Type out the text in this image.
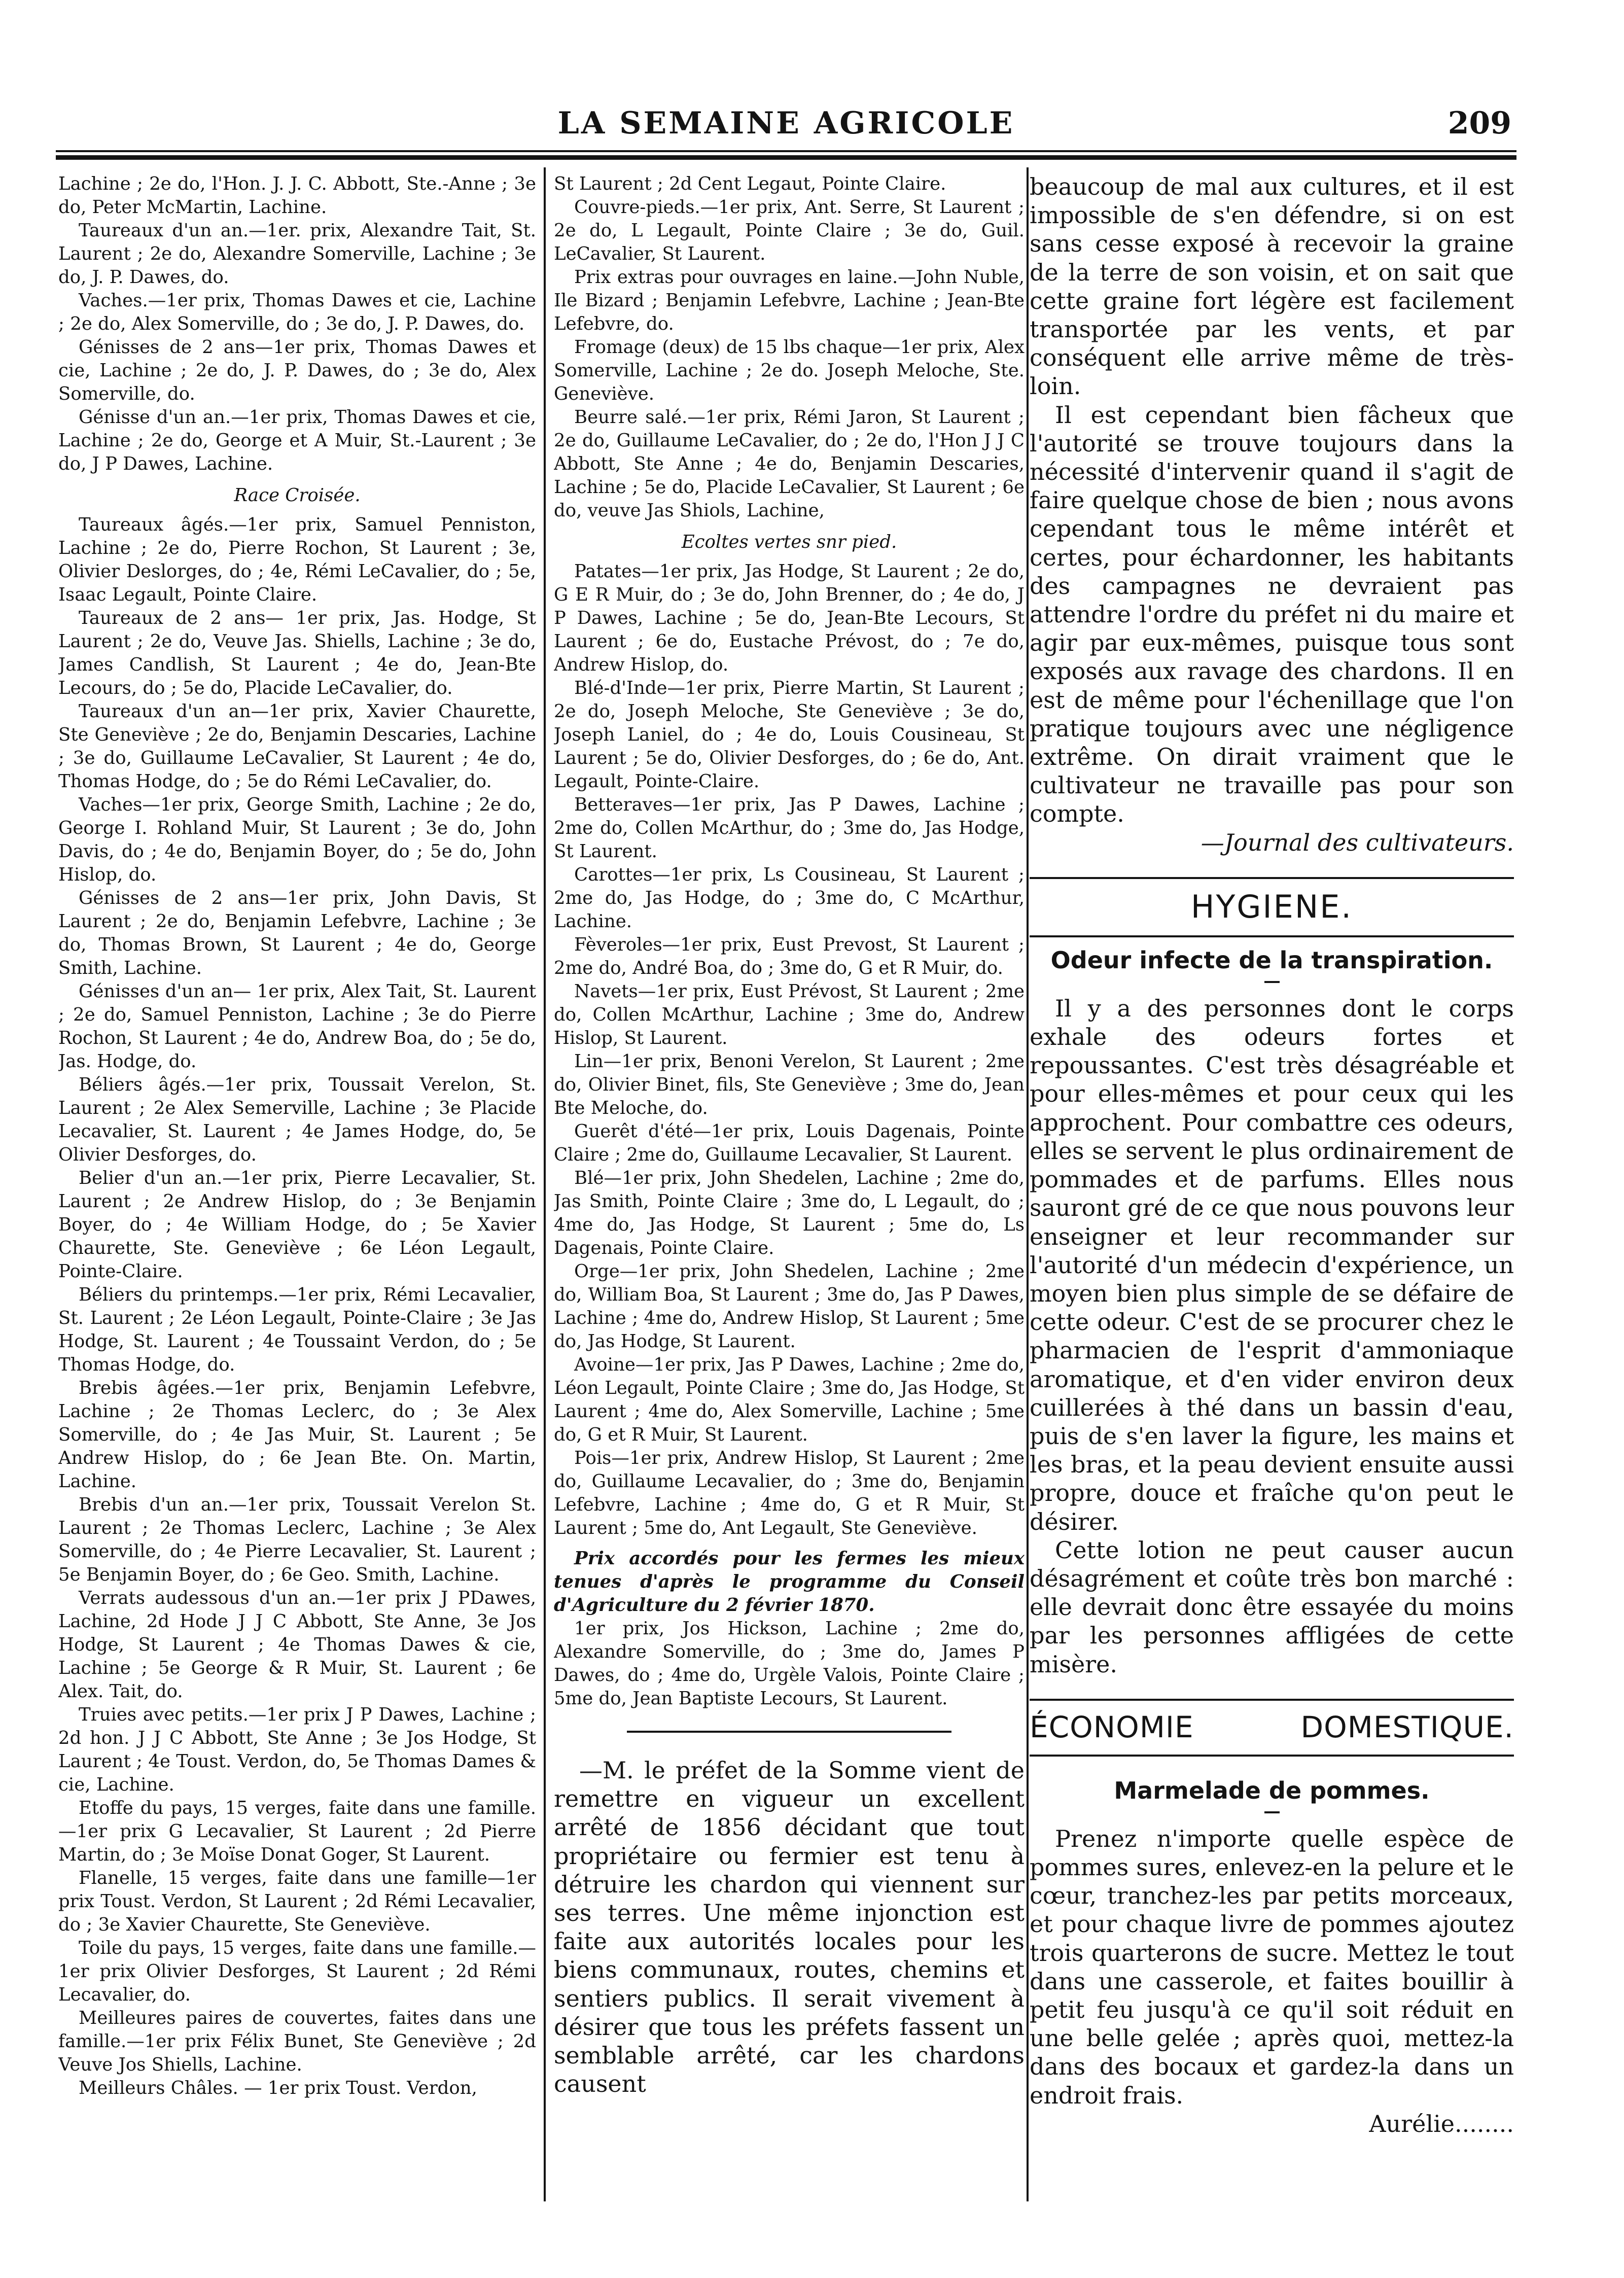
LA SEMAINE AGRICOLE	209

Lachine ; 2e do, l'Hon. J. J. C. Abbott, Ste.-Anne ; 3e do, Peter McMartin, Lachine.

Taureaux d'un an.—1er. prix, Alexandre Tait, St. Laurent ; 2e do, Alexandre Somerville, Lachine ; 3e do, J. P. Dawes, do.

Vaches.—1er prix, Thomas Dawes et cie, Lachine ; 2e do, Alex Somerville, do ; 3e do, J. P. Dawes, do.

Génisses de 2 ans—1er prix, Thomas Dawes et cie, Lachine ; 2e do, J. P. Dawes, do ; 3e do, Alex Somerville, do.

Génisse d'un an.—1er prix, Thomas Dawes et cie, Lachine ; 2e do, George et A Muir, St.-Laurent ; 3e do, J P Dawes, Lachine.

Race Croisée.

Taureaux âgés.—1er prix, Samuel Penniston, Lachine ; 2e do, Pierre Rochon, St Laurent ; 3e, Olivier Deslorges, do ; 4e, Rémi LeCavalier, do ; 5e, Isaac Legault, Pointe Claire.

Taureaux de 2 ans— 1er prix, Jas. Hodge, St Laurent ; 2e do, Veuve Jas. Shiells, Lachine ; 3e do, James Candlish, St Laurent ; 4e do, Jean-Bte Lecours, do ; 5e do, Placide LeCavalier, do.

Taureaux d'un an—1er prix, Xavier Chaurette, Ste Geneviève ; 2e do, Benjamin Descaries, Lachine ; 3e do, Guillaume LeCavalier, St Laurent ; 4e do, Thomas Hodge, do ; 5e do Rémi LeCavalier, do.

Vaches—1er prix, George Smith, Lachine ; 2e do, George I. Rohland Muir, St Laurent ; 3e do, John Davis, do ; 4e do, Benjamin Boyer, do ; 5e do, John Hislop, do.

Génisses de 2 ans—1er prix, John Davis, St Laurent ; 2e do, Benjamin Lefebvre, Lachine ; 3e do, Thomas Brown, St Laurent ; 4e do, George Smith, Lachine.

Génisses d'un an— 1er prix, Alex Tait, St. Laurent ; 2e do, Samuel Penniston, Lachine ; 3e do Pierre Rochon, St Laurent ; 4e do, Andrew Boa, do ; 5e do, Jas. Hodge, do.

Béliers âgés.—1er prix, Toussait Verelon, St. Laurent ; 2e Alex Semerville, Lachine ; 3e Placide Lecavalier, St. Laurent ; 4e James Hodge, do, 5e Olivier Desforges, do.

Belier d'un an.—1er prix, Pierre Lecavalier, St. Laurent ; 2e Andrew Hislop, do ; 3e Benjamin Boyer, do ; 4e William Hodge, do ; 5e Xavier Chaurette, Ste. Geneviève ; 6e Léon Legault, Pointe-Claire.

Béliers du printemps.—1er prix, Rémi Lecavalier, St. Laurent ; 2e Léon Legault, Pointe-Claire ; 3e Jas Hodge, St. Laurent ; 4e Toussaint Verdon, do ; 5e Thomas Hodge, do.

Brebis âgées.—1er prix, Benjamin Lefebvre, Lachine ; 2e Thomas Leclerc, do ; 3e Alex Somerville, do ; 4e Jas Muir, St. Laurent ; 5e Andrew Hislop, do ; 6e Jean Bte. On. Martin, Lachine.

Brebis d'un an.—1er prix, Toussait Verelon St. Laurent ; 2e Thomas Leclerc, Lachine ; 3e Alex Somerville, do ; 4e Pierre Lecavalier, St. Laurent ; 5e Benjamin Boyer, do ; 6e Geo. Smith, Lachine.

Verrats audessous d'un an.—1er prix J PDawes, Lachine, 2d Hode J J C Abbott, Ste Anne, 3e Jos Hodge, St Laurent ; 4e Thomas Dawes & cie, Lachine ; 5e George & R Muir, St. Laurent ; 6e Alex. Tait, do.

Truies avec petits.—1er prix J P Dawes, Lachine ; 2d hon. J J C Abbott, Ste Anne ; 3e Jos Hodge, St Laurent ; 4e Toust. Verdon, do, 5e Thomas Dames & cie, Lachine.

Etoffe du pays, 15 verges, faite dans une famille.—1er prix G Lecavalier, St Laurent ; 2d Pierre Martin, do ; 3e Moïse Donat Goger, St Laurent.

Flanelle, 15 verges, faite dans une famille—1er prix Toust. Verdon, St Laurent ; 2d Rémi Lecavalier, do ; 3e Xavier Chaurette, Ste Geneviève.

Toile du pays, 15 verges, faite dans une famille.—1er prix Olivier Desforges, St Laurent ; 2d Rémi Lecavalier, do.

Meilleures paires de couvertes, faites dans une famille.—1er prix Félix Bunet, Ste Geneviève ; 2d Veuve Jos Shiells, Lachine.

Meilleurs Châles. — 1er prix Toust. Verdon,

St Laurent ; 2d Cent Legaut, Pointe Claire.

Couvre-pieds.—1er prix, Ant. Serre, St Laurent ; 2e do, L Legault, Pointe Claire ; 3e do, Guil. LeCavalier, St Laurent.

Prix extras pour ouvrages en laine.—John Nuble, Ile Bizard ; Benjamin Lefebvre, Lachine ; Jean-Bte Lefebvre, do.

Fromage (deux) de 15 lbs chaque—1er prix, Alex Somerville, Lachine ; 2e do. Joseph Meloche, Ste. Geneviève.

Beurre salé.—1er prix, Rémi Jaron, St Laurent ; 2e do, Guillaume LeCavalier, do ; 2e do, l'Hon J J C Abbott, Ste Anne ; 4e do, Benjamin Descaries, Lachine ; 5e do, Placide LeCavalier, St Laurent ; 6e do, veuve Jas Shiols, Lachine,

Ecoltes vertes snr pied.

Patates—1er prix, Jas Hodge, St Laurent ; 2e do, G E R Muir, do ; 3e do, John Brenner, do ; 4e do, J P Dawes, Lachine ; 5e do, Jean-Bte Lecours, St Laurent ; 6e do, Eustache Prévost, do ; 7e do, Andrew Hislop, do.

Blé-d'Inde—1er prix, Pierre Martin, St Laurent ; 2e do, Joseph Meloche, Ste Geneviève ; 3e do, Joseph Laniel, do ; 4e do, Louis Cousineau, St Laurent ; 5e do, Olivier Desforges, do ; 6e do, Ant. Legault, Pointe-Claire.

Betteraves—1er prix, Jas P Dawes, Lachine ; 2me do, Collen McArthur, do ; 3me do, Jas Hodge, St Laurent.

Carottes—1er prix, Ls Cousineau, St Laurent ; 2me do, Jas Hodge, do ; 3me do, C McArthur, Lachine.

Fèveroles—1er prix, Eust Prevost, St Laurent ; 2me do, André Boa, do ; 3me do, G et R Muir, do.

Navets—1er prix, Eust Prévost, St Laurent ; 2me do, Collen McArthur, Lachine ; 3me do, Andrew Hislop, St Laurent.

Lin—1er prix, Benoni Verelon, St Laurent ; 2me do, Olivier Binet, fils, Ste Geneviève ; 3me do, Jean Bte Meloche, do.

Guerêt d'été—1er prix, Louis Dagenais, Pointe Claire ; 2me do, Guillaume Lecavalier, St Laurent.

Blé—1er prix, John Shedelen, Lachine ; 2me do, Jas Smith, Pointe Claire ; 3me do, L Legault, do ; 4me do, Jas Hodge, St Laurent ; 5me do, Ls Dagenais, Pointe Claire.

Orge—1er prix, John Shedelen, Lachine ; 2me do, William Boa, St Laurent ; 3me do, Jas P Dawes, Lachine ; 4me do, Andrew Hislop, St Laurent ; 5me do, Jas Hodge, St Laurent.

Avoine—1er prix, Jas P Dawes, Lachine ; 2me do, Léon Legault, Pointe Claire ; 3me do, Jas Hodge, St Laurent ; 4me do, Alex Somerville, Lachine ; 5me do, G et R Muir, St Laurent.

Pois—1er prix, Andrew Hislop, St Laurent ; 2me do, Guillaume Lecavalier, do ; 3me do, Benjamin Lefebvre, Lachine ; 4me do, G et R Muir, St Laurent ; 5me do, Ant Legault, Ste Geneviève.

Prix accordés pour les fermes les mieux tenues d'après le programme du Conseil d'Agriculture du 2 février 1870.

1er prix, Jos Hickson, Lachine ; 2me do, Alexandre Somerville, do ; 3me do, James P Dawes, do ; 4me do, Urgèle Valois, Pointe Claire ; 5me do, Jean Baptiste Lecours, St Laurent.

—M. le préfet de la Somme vient de remettre en vigueur un excellent arrêté de 1856 décidant que tout propriétaire ou fermier est tenu à détruire les chardon qui viennent sur ses terres. Une même injonction est faite aux autorités locales pour les biens communaux, routes, chemins et sentiers publics. Il serait vivement à désirer que tous les préfets fassent un semblable arrêté, car les chardons causent

beaucoup de mal aux cultures, et il est impossible de s'en défendre, si on est sans cesse exposé à recevoir la graine de la terre de son voisin, et on sait que cette graine fort légère est facilement transportée par les vents, et par conséquent elle arrive même de très-loin.

Il est cependant bien fâcheux que l'autorité se trouve toujours dans la nécessité d'intervenir quand il s'agit de faire quelque chose de bien ; nous avons cependant tous le même intérêt et certes, pour échardonner, les habitants des campagnes ne devraient pas attendre l'ordre du préfet ni du maire et agir par eux-mêmes, puisque tous sont exposés aux ravage des chardons. Il en est de même pour l'échenillage que l'on pratique toujours avec une négligence extrême. On dirait vraiment que le cultivateur ne travaille pas pour son compte.

—Journal des cultivateurs.

HYGIENE.
Odeur infecte de la transpiration.

Il y a des personnes dont le corps exhale des odeurs fortes et repoussantes. C'est très désagréable et pour elles-mêmes et pour ceux qui les approchent. Pour combattre ces odeurs, elles se servent le plus ordinairement de pommades et de parfums. Elles nous sauront gré de ce que nous pouvons leur enseigner et leur recommander sur l'autorité d'un médecin d'expérience, un moyen bien plus simple de se défaire de cette odeur. C'est de se procurer chez le pharmacien de l'esprit d'ammoniaque aromatique, et d'en vider environ deux cuillerées à thé dans un bassin d'eau, puis de s'en laver la figure, les mains et les bras, et la peau devient ensuite aussi propre, douce et fraîche qu'on peut le désirer.

Cette lotion ne peut causer aucun désagrément et coûte très bon marché : elle devrait donc être essayée du moins par les personnes affligées de cette misère.

ÉCONOMIE DOMESTIQUE.
Marmelade de pommes.

Prenez n'importe quelle espèce de pommes sures, enlevez-en la pelure et le cœur, tranchez-les par petits morceaux, et pour chaque livre de pommes ajoutez trois quarterons de sucre. Mettez le tout dans une casserole, et faites bouillir à petit feu jusqu'à ce qu'il soit réduit en une belle gelée ; après quoi, mettez-la dans des bocaux et gardez-la dans un endroit frais.

Aurélie........
